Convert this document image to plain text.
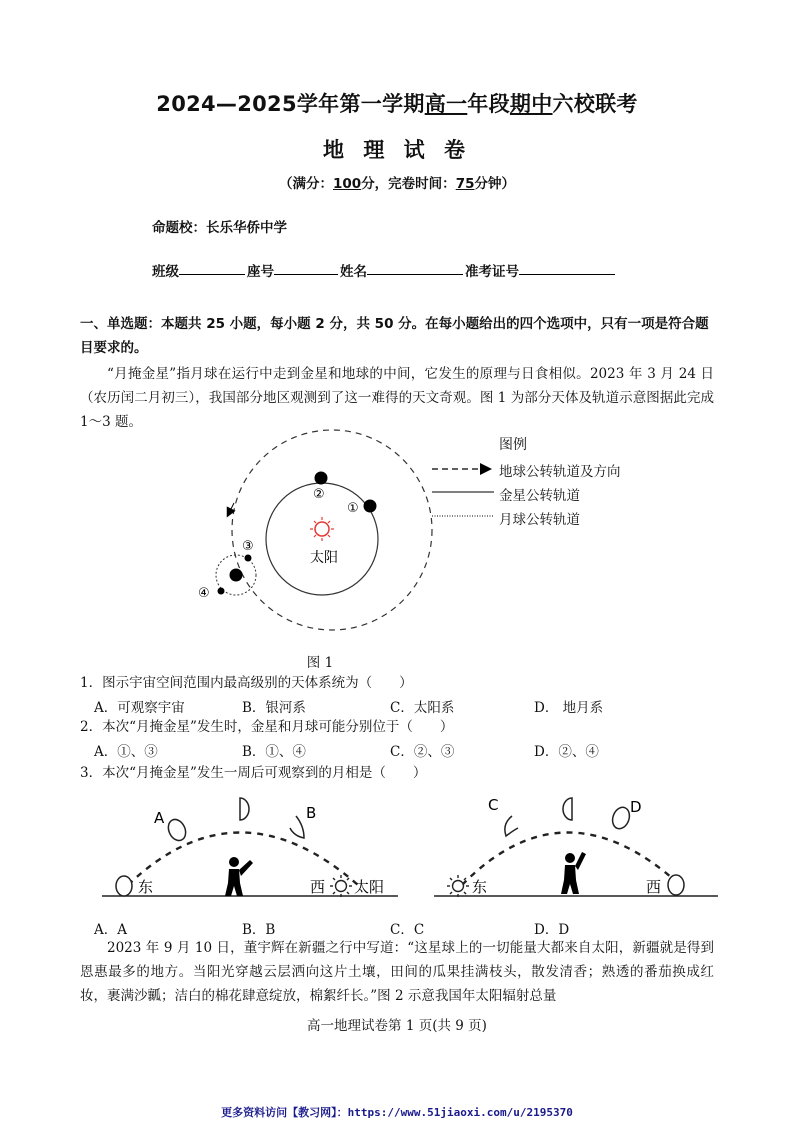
2024—2025学年第一学期高一年段期中六校联考
地 理 试 卷
（满分：100分，完卷时间：75分钟）
命题校：长乐华侨中学
班级	座号	姓名	准考证号
一、单选题：本题共 25 小题，每小题 2 分，共 50 分。在每小题给出的四个选项中，只有一项是符合题目要求的。
“月掩金星”指月球在运行中走到金星和地球的中间，它发生的原理与日食相似。2023 年 3 月 24 日（农历闰二月初三），我国部分地区观测到了这一难得的天文奇观。图 1 为部分天体及轨道示意图据此完成 1～3 题。
太阳
②
①
③
④
图例
地球公转轨道及方向
金星公转轨道
月球公转轨道
图 1
1．图示宇宙空间范围内最高级别的天体系统为（　　）
A．可观察宇宙	B．银河系	C．太阳系	D． 地月系
2．本次“月掩金星”发生时，金星和月球可能分别位于（　　）
A．①、③	B．①、④	C．②、③	D．②、④
3．本次“月掩金星”发生一周后可观察到的月相是（　　）
A	B
东	西 太阳
C	D
东	西
A．A	B．B	C．C	D．D
2023 年 9 月 10 日，董宇辉在新疆之行中写道：“这星球上的一切能量大都来自太阳，新疆就是得到恩惠最多的地方。当阳光穿越云层洒向这片土壤，田间的瓜果挂满枝头，散发清香；熟透的番茄换成红妆，裹满沙瓤；洁白的棉花肆意绽放，棉絮纤长。”图 2 示意我国年太阳辐射总量
高一地理试卷第 1 页(共 9 页)
更多资料访问【教习网】：https://www.51jiaoxi.com/u/2195370
